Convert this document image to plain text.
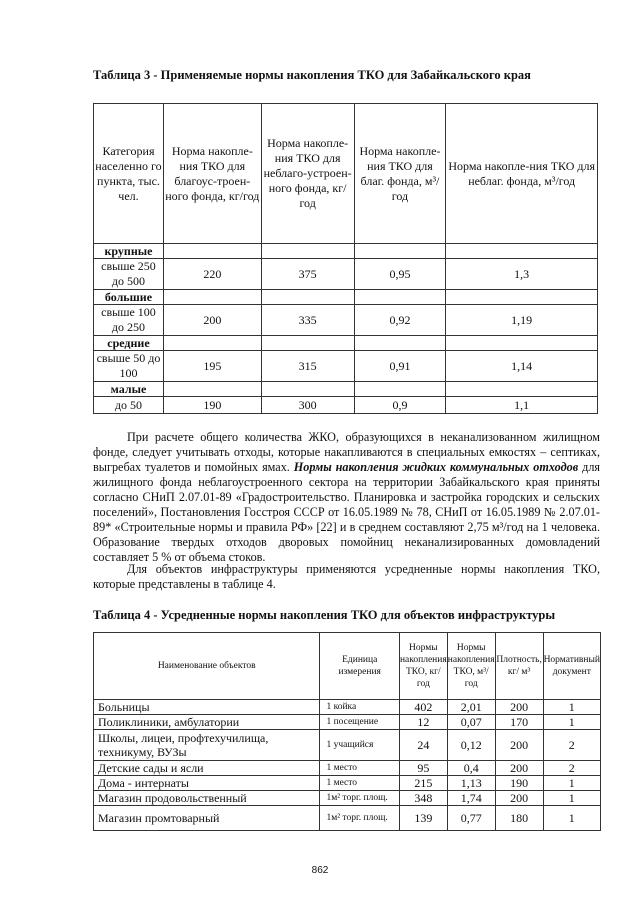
Таблица 3 - Применяемые нормы накопления ТКО для Забайкальского края
Категория населенно го пункта, тыс. чел.	Норма накопле-ния ТКО для благоус-троен-ного фонда, кг/год	Норма накопле-ния ТКО для неблаго-устроен-ного фонда, кг/год	Норма накопле-ния ТКО для благ. фонда, м³/год	Норма накопле-ния ТКО для неблаг. фонда, м³/год
крупные				
свыше 250 до 500	220	375	0,95	1,3
большие				
свыше 100 до 250	200	335	0,92	1,19
средние				
свыше 50 до 100	195	315	0,91	1,14
малые				
до 50	190	300	0,9	1,1
При расчете общего количества ЖКО, образующихся в неканализованном жилищном фонде, следует учитывать отходы, которые накапливаются в специальных емкостях – септиках, выгребах туалетов и помойных ямах. Нормы накопления жидких коммунальных отходов для жилищного фонда неблагоустроенного сектора на территории Забайкальского края приняты согласно СНиП 2.07.01-89 «Градостроительство. Планировка и застройка городских и сельских поселений», Постановления Госстроя СССР от 16.05.1989 № 78, СНиП от 16.05.1989 № 2.07.01-89* «Строительные нормы и правила РФ» [22] и в среднем составляют 2,75 м³/год на 1 человека. Образование твердых отходов дворовых помойниц неканализированных домовладений составляет 5 % от объема стоков.
Для объектов инфраструктуры применяются усредненные нормы накопления ТКО, которые представлены в таблице 4.
Таблица 4 - Усредненные нормы накопления ТКО для объектов инфраструктуры
Наименование объектов	Единица измерения	Нормы накопления ТКО, кг/год	Нормы накопления ТКО, м³/год	Плотность, кг/ м³	Нормативный документ
Больницы	1 койка	402	2,01	200	1
Поликлиники, амбулатории	1 посещение	12	0,07	170	1
Школы, лицеи, профтехучилища, техникуму, ВУЗы	1 учащийся	24	0,12	200	2
Детские сады и ясли	1 место	95	0,4	200	2
Дома - интернаты	1 место	215	1,13	190	1
Магазин продовольственный	1м² торг. площ.	348	1,74	200	1
Магазин промтоварный	1м² торг. площ.	139	0,77	180	1
862
